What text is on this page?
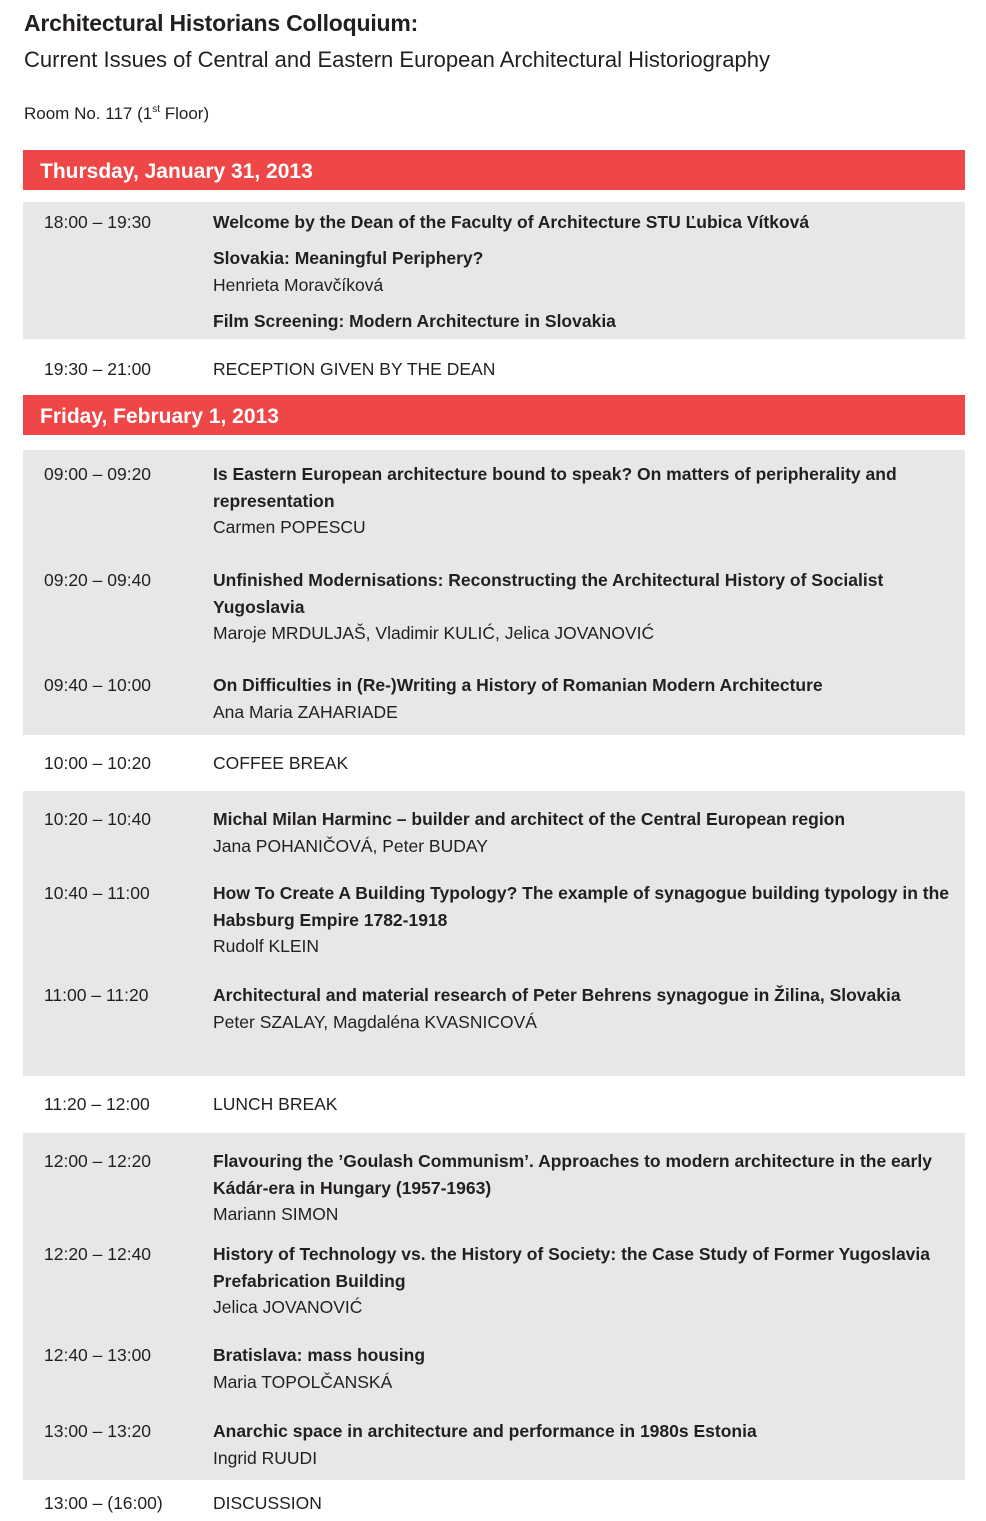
Architectural Historians Colloquium:
Current Issues of Central and Eastern European Architectural Historiography
Room No. 117 (1st Floor)
Thursday, January 31, 2013
18:00 – 19:30	Welcome by the Dean of the Faculty of Architecture STU Ľubica Vítková
Slovakia: Meaningful Periphery?
Henrieta Moravčíková
Film Screening: Modern Architecture in Slovakia
19:30 – 21:00	RECEPTION GIVEN BY THE DEAN
Friday, February 1, 2013
09:00 – 09:20	Is Eastern European architecture bound to speak? On matters of peripherality and representation
Carmen POPESCU
09:20 – 09:40	Unfinished Modernisations: Reconstructing the Architectural History of Socialist Yugoslavia
Maroje MRDULJAŠ, Vladimir KULIĆ, Jelica JOVANOVIĆ
09:40 – 10:00	On Difficulties in (Re-)Writing a History of Romanian Modern Architecture
Ana Maria ZAHARIADE
10:00 – 10:20	COFFEE BREAK
10:20 – 10:40	Michal Milan Harminc – builder and architect of the Central European region
Jana POHANIČOVÁ, Peter BUDAY
10:40 – 11:00	How To Create A Building Typology? The example of synagogue building typology in the Habsburg Empire 1782-1918
Rudolf KLEIN
11:00 – 11:20	Architectural and material research of Peter Behrens synagogue in Žilina, Slovakia
Peter SZALAY, Magdaléna KVASNICOVÁ
11:20 – 12:00	LUNCH BREAK
12:00 – 12:20	Flavouring the ’Goulash Communism’. Approaches to modern architecture in the early Kádár-era in Hungary (1957-1963)
Mariann SIMON
12:20 – 12:40	History of Technology vs. the History of Society: the Case Study of Former Yugoslavia Prefabrication Building
Jelica JOVANOVIĆ
12:40 – 13:00	Bratislava: mass housing
Maria TOPOLČANSKÁ
13:00 – 13:20	Anarchic space in architecture and performance in 1980s Estonia
Ingrid RUUDI
13:00 – (16:00)	DISCUSSION
